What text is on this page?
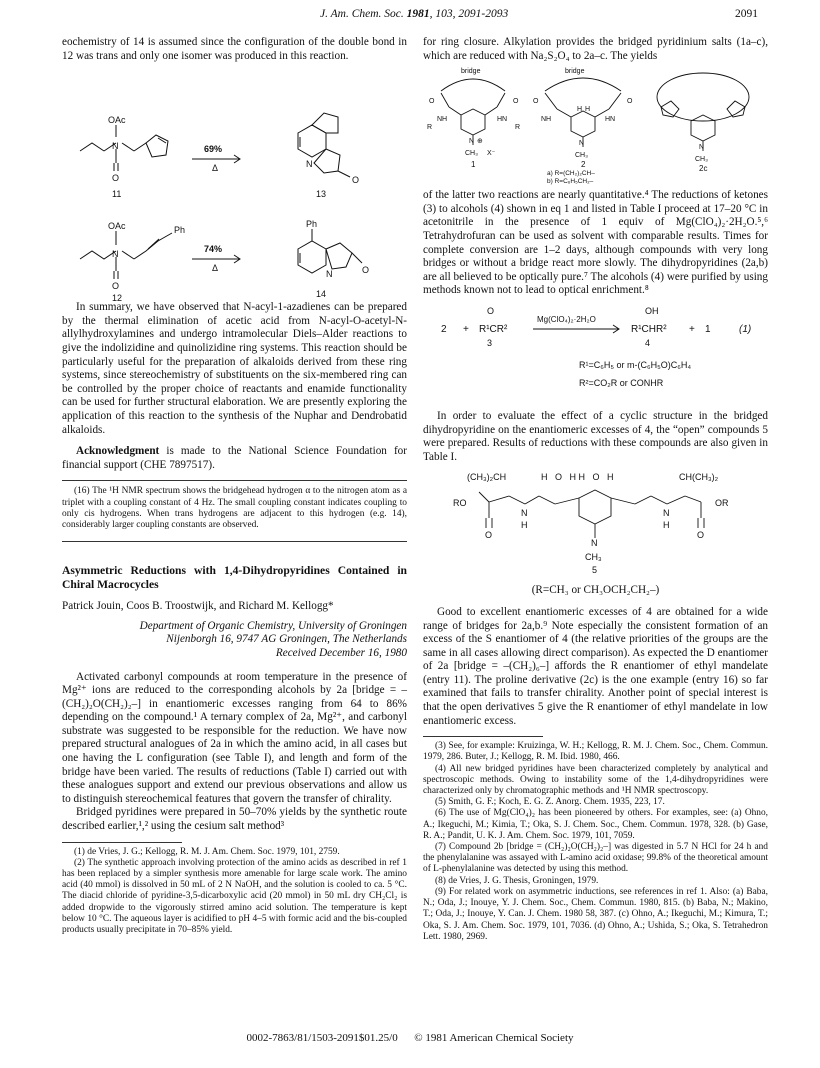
J. Am. Chem. Soc. 1981, 103, 2091-2093	2091

eochemistry of 14 is assumed since the configuration of the double bond in 12 was trans and only one isomer was produced in this reaction.

OAc
N
O
11
69%
Δ	N
O
13
OAc	Ph
N
O
12
74%
Δ
Ph
N	O
14

In summary, we have observed that N-acyl-1-azadienes can be prepared by the thermal elimination of acetic acid from N-acyl-O-acetyl-N-allylhydroxylamines and undergo intramolecular Diels–Alder reactions to give the indolizidine and quinolizidine ring systems. This reaction should be particularly useful for the preparation of alkaloids derived from these ring systems, since stereochemistry of substituents on the six-membered ring can be controlled by the proper choice of reactants and enamide functionality can be used for further structural elaboration. We are presently exploring the application of this reaction to the synthesis of the Nuphar and Dendrobatid alkaloids.

Acknowledgment is made to the National Science Foundation for financial support (CHE 7897517).

(16) The ¹H NMR spectrum shows the bridgehead hydrogen α to the nitrogen atom as a triplet with a coupling constant of 4 Hz. The small coupling constant indicates coupling to only cis hydrogens. When trans hydrogens are adjacent to this hydrogen (e.g. 14), considerably larger coupling constants are observed.

Asymmetric Reductions with 1,4-Dihydropyridines Contained in Chiral Macrocycles

Patrick Jouin, Coos B. Troostwijk, and Richard M. Kellogg*

Department of Organic Chemistry, University of Groningen

Nijenborgh 16, 9747 AG Groningen, The Netherlands

Received December 16, 1980

Activated carbonyl compounds at room temperature in the presence of Mg²⁺ ions are reduced to the corresponding alcohols by 2a [bridge = –(CH₂)₂O(CH₂)₂–] in enantiomeric excesses ranging from 64 to 86% depending on the compound.¹ A ternary complex of 2a, Mg²⁺, and carbonyl substrate was suggested to be responsible for the reduction. We have now prepared structural analogues of 2a in which the amino acid, in all cases but one having the L configuration (see Table I), and length and form of the bridge have been varied. The results of reductions (Table I) carried out with these analogues support and extend our previous observations and allow us to distinguish stereochemical features that govern the transfer of chirality.

Bridged pyridines were prepared in 50–70% yields by the synthetic route described earlier,¹,² using the cesium salt method³

(1) de Vries, J. G.; Kellogg, R. M. J. Am. Chem. Soc. 1979, 101, 2759.

(2) The synthetic approach involving protection of the amino acids as described in ref 1 has been replaced by a simpler synthesis more amenable for large scale work. The amino acid (40 mmol) is dissolved in 50 mL of 2 N NaOH, and the solution is cooled to ca. 5 °C. The diacid chloride of pyridine-3,5-dicarboxylic acid (20 mmol) in 50 mL dry CH₂Cl₂ is added dropwide to the vigorously stirred amino acid solution. The temperature is kept below 10 °C. The aqueous layer is acidified to pH 4–5 with formic acid and the bis-coupled products usually precipitate in 70–85% yield.

for ring closure. Alkylation provides the bridged pyridinium salts (1a–c), which are reduced with Na₂S₂O₄ to 2a–c. The yields

bridge	bridge
O	O
NH	HN
R	R
N ⊕
CH₃ X⁻
1
O	O
NH	HN
H H
N
CH₃
2
a) R=(CH₂)₂CH–
b) R=C₆H₅CH₂–
N
CH₃
2c

of the latter two reactions are nearly quantitative.⁴ The reductions of ketones (3) to alcohols (4) shown in eq 1 and listed in Table I proceed at 17–20 °C in acetonitrile in the presence of 1 equiv of Mg(ClO₄)₂·2H₂O.⁵,⁶ Tetrahydrofuran can be used as solvent with comparable results. Times for complete conversion are 1–2 days, although compounds with very long bridges or without a bridge react more slowly. The dihydropyridines (2a,b) are all believed to be optically pure.⁷ The alcohols (4) were purified by using methods known not to lead to optical enrichment.⁸

2 +
O
R¹CR²
3
Mg(ClO₄)₂·2H₂O
OH
R¹CHR²
4
+ 1	(1)
R¹=C₆H₅ or m-(C₆H₅O)C₆H₄
R²=CO₂R or CONHR

In order to evaluate the effect of a cyclic structure in the bridged dihydropyridine on the enantiomeric excesses of 4, the “open” compounds 5 were prepared. Results of reductions with these compounds are also given in Table I.

(CH₃)₂CH	H   O   H H   O   H	CH(CH₃)₂
RO	OR
N	N
H	H
O	O
N
CH₃
5

(R=CH₃ or CH₃OCH₂CH₂–)

Good to excellent enantiomeric excesses of 4 are obtained for a wide range of bridges for 2a,b.⁹ Note especially the consistent formation of an excess of the S enantiomer of 4 (the relative priorities of the groups are the same in all cases allowing direct comparison). As expected the D enantiomer of 2a [bridge = –(CH₂)₆–] affords the R enantiomer of ethyl mandelate (entry 11). The proline derivative (2c) is the one example (entry 16) so far examined that fails to transfer chirality. Another point of special interest is that the open derivatives 5 give the R enantiomer of ethyl mandelate in low enantiomeric excess.

(3) See, for example: Kruizinga, W. H.; Kellogg, R. M. J. Chem. Soc., Chem. Commun. 1979, 286. Buter, J.; Kellogg, R. M. Ibid. 1980, 466.

(4) All new bridged pyridines have been characterized completely by analytical and spectroscopic methods. Owing to instability some of the 1,4-dihydropyridines were characterized only by chromatographic methods and ¹H NMR spectroscopy.

(5) Smith, G. F.; Koch, E. G. Z. Anorg. Chem. 1935, 223, 17.

(6) The use of Mg(ClO₄)₂ has been pioneered by others. For examples, see: (a) Ohno, A.; Ikeguchi, M.; Kimia, T.; Oka, S. J. Chem. Soc., Chem. Commun. 1978, 328. (b) Gase, R. A.; Pandit, U. K. J. Am. Chem. Soc. 1979, 101, 7059.

(7) Compound 2b [bridge = (CH₂)₂O(CH₂)₂–] was digested in 5.7 N HCl for 24 h and the phenylalanine was assayed with L-amino acid oxidase; 99.8% of the theoretical amount of L-phenylalanine was detected by using this method.

(8) de Vries, J. G. Thesis, Groningen, 1979.

(9) For related work on asymmetric inductions, see references in ref 1. Also: (a) Baba, N.; Oda, J.; Inouye, Y. J. Chem. Soc., Chem. Commun. 1980, 815. (b) Baba, N.; Makino, T.; Oda, J.; Inouye, Y. Can. J. Chem. 1980 58, 387. (c) Ohno, A.; Ikeguchi, M.; Kimura, T.; Oka, S. J. Am. Chem. Soc. 1979, 101, 7036. (d) Ohno, A.; Ushida, S.; Oka, S. Tetrahedron Lett. 1980, 2969.

0002-7863/81/1503-2091$01.25/0 © 1981 American Chemical Society
